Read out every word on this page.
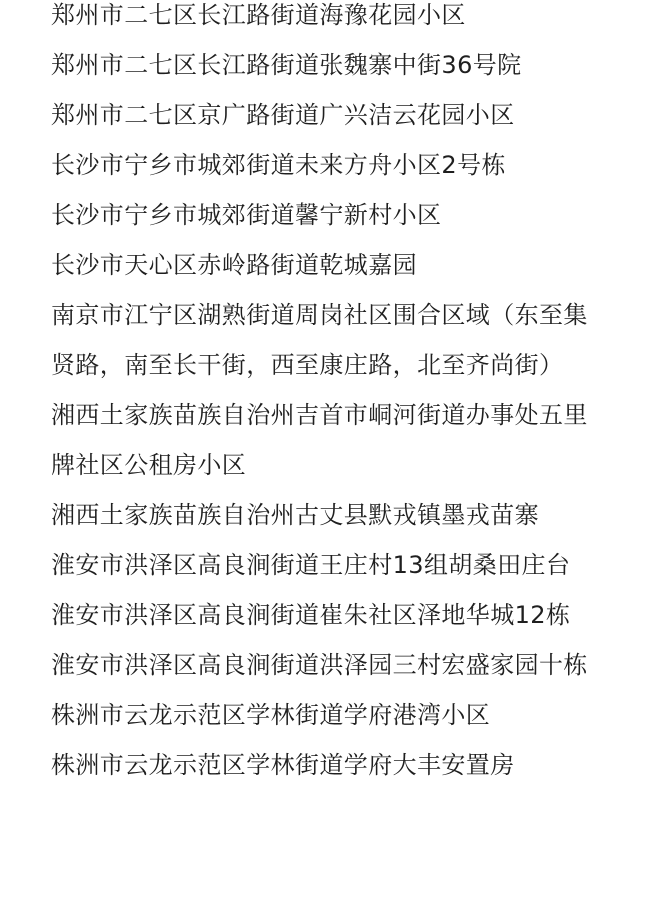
郑州市二七区长江路街道海豫花园小区
郑州市二七区长江路街道张魏寨中街36号院
郑州市二七区京广路街道广兴洁云花园小区
长沙市宁乡市城郊街道未来方舟小区2号栋
长沙市宁乡市城郊街道馨宁新村小区
长沙市天心区赤岭路街道乾城嘉园
南京市江宁区湖熟街道周岗社区围合区域（东至集贤路，南至长干街，西至康庄路，北至齐尚街）
湘西土家族苗族自治州吉首市峒河街道办事处五里牌社区公租房小区
湘西土家族苗族自治州古丈县默戎镇墨戎苗寨
淮安市洪泽区高良涧街道王庄村13组胡桑田庄台
淮安市洪泽区高良涧街道崔朱社区泽地华城12栋
淮安市洪泽区高良涧街道洪泽园三村宏盛家园十栋
株洲市云龙示范区学林街道学府港湾小区
株洲市云龙示范区学林街道学府大丰安置房
